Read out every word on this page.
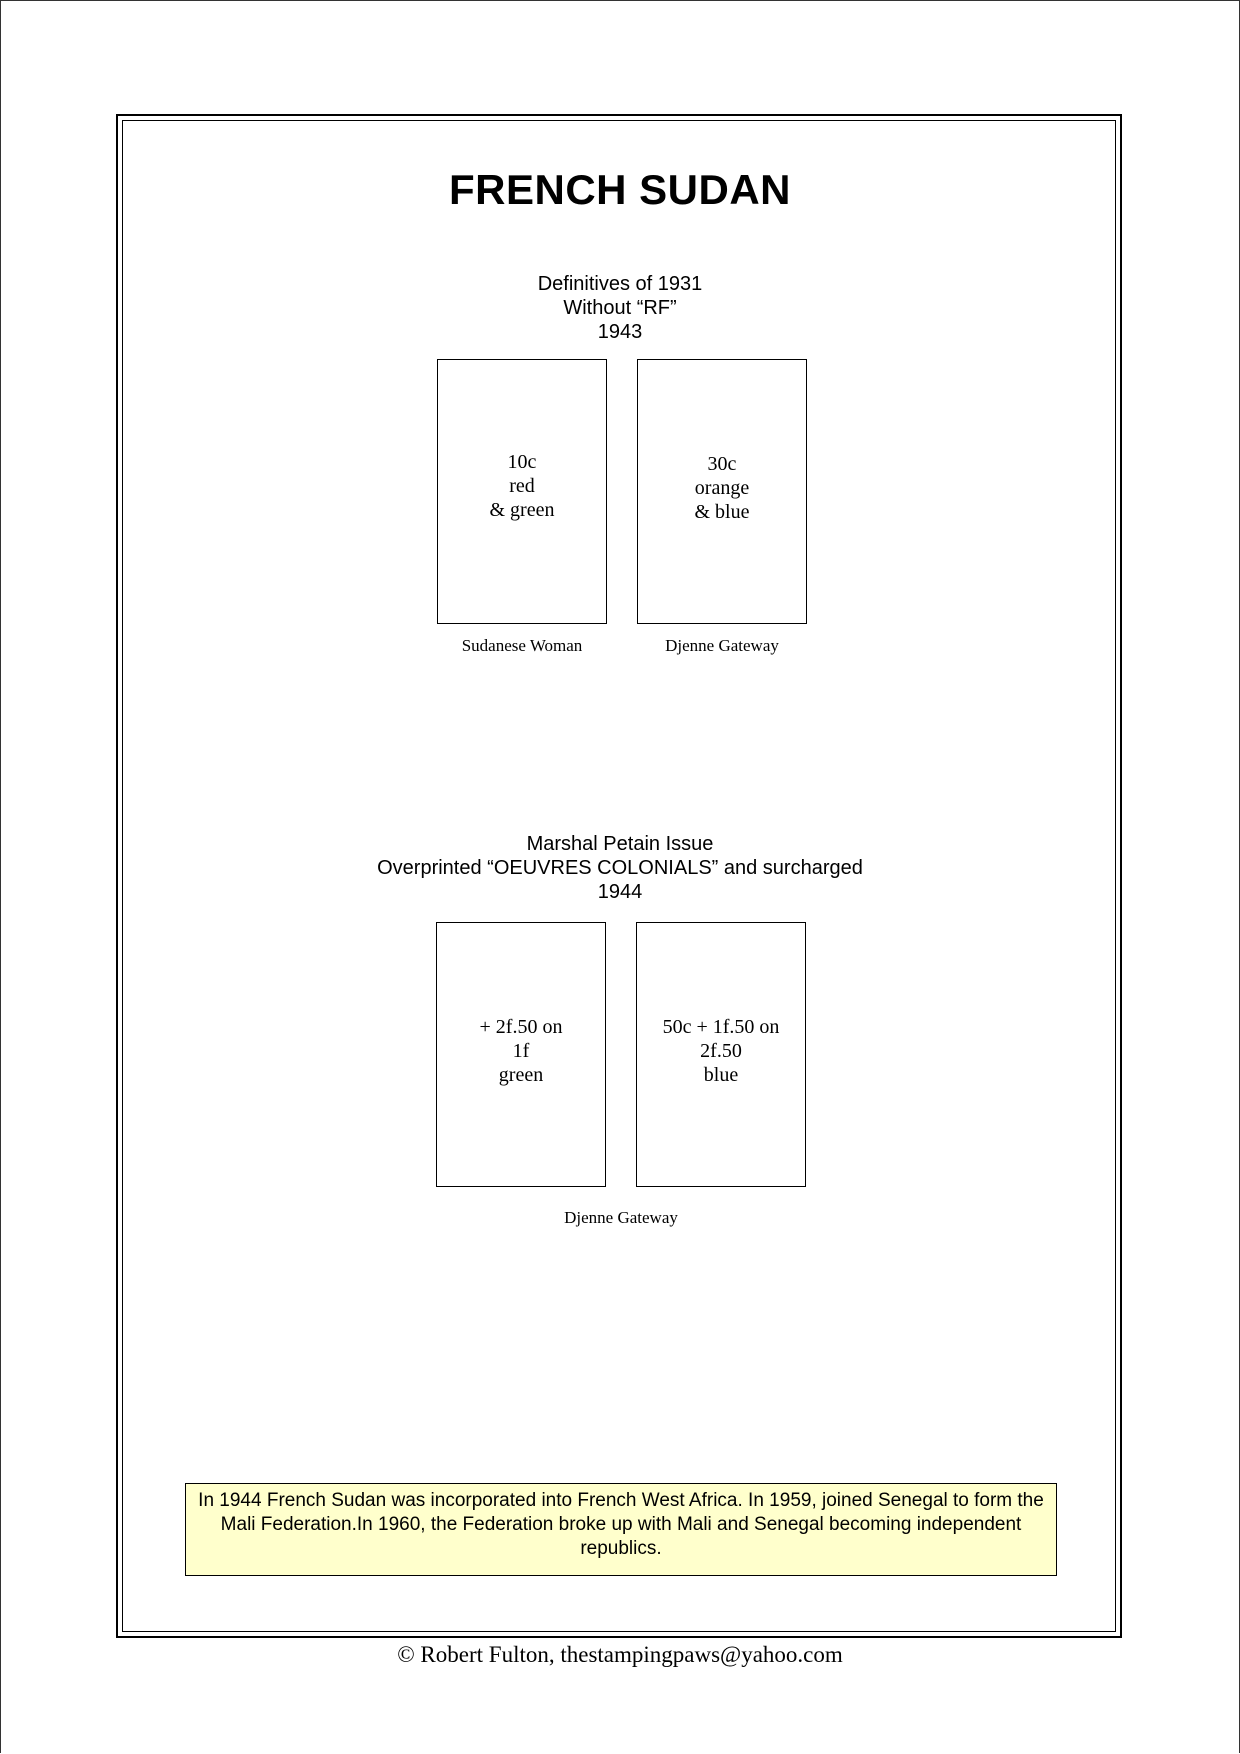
FRENCH SUDAN
Definitives of 1931
Without “RF”
1943
10c
red
& green
Sudanese Woman
30c
orange
& blue
Djenne Gateway
Marshal Petain Issue
Overprinted “OEUVRES COLONIALS” and surcharged
1944
+ 2f.50 on
1f
green
50c + 1f.50 on
2f.50
blue
Djenne Gateway
In 1944 French Sudan was incorporated into French West Africa. In 1959, joined Senegal to form the Mali Federation.In 1960, the Federation broke up with Mali and Senegal becoming independent republics.
© Robert Fulton, thestampingpaws@yahoo.com
